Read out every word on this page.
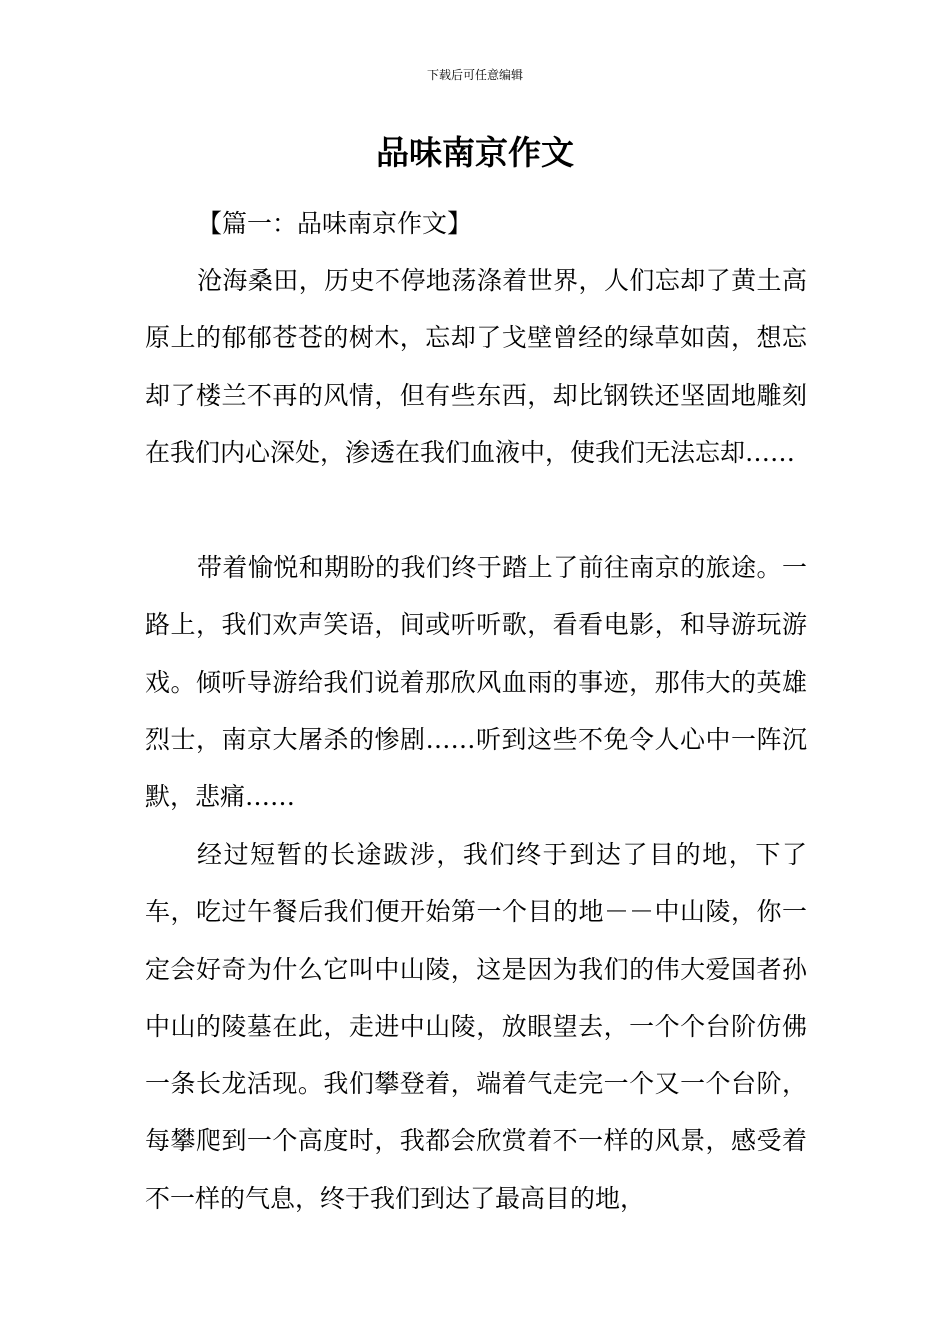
下载后可任意编辑
品味南京作文
【篇一：品味南京作文】

沧海桑田，历史不停地荡涤着世界，人们忘却了黄土高原上的郁郁苍苍的树木，忘却了戈壁曾经的绿草如茵，想忘却了楼兰不再的风情，但有些东西，却比钢铁还坚固地雕刻在我们内心深处，渗透在我们血液中，使我们无法忘却……

带着愉悦和期盼的我们终于踏上了前往南京的旅途。一路上，我们欢声笑语，间或听听歌，看看电影，和导游玩游戏。倾听导游给我们说着那欣风血雨的事迹，那伟大的英雄烈士，南京大屠杀的惨剧……听到这些不免令人心中一阵沉默，悲痛……

经过短暂的长途跋涉，我们终于到达了目的地，下了车，吃过午餐后我们便开始第一个目的地－－中山陵，你一定会好奇为什么它叫中山陵，这是因为我们的伟大爱国者孙中山的陵墓在此，走进中山陵，放眼望去，一个个台阶仿佛一条长龙活现。我们攀登着，端着气走完一个又一个台阶，每攀爬到一个高度时，我都会欣赏着不一样的风景，感受着不一样的气息，终于我们到达了最高目的地，
